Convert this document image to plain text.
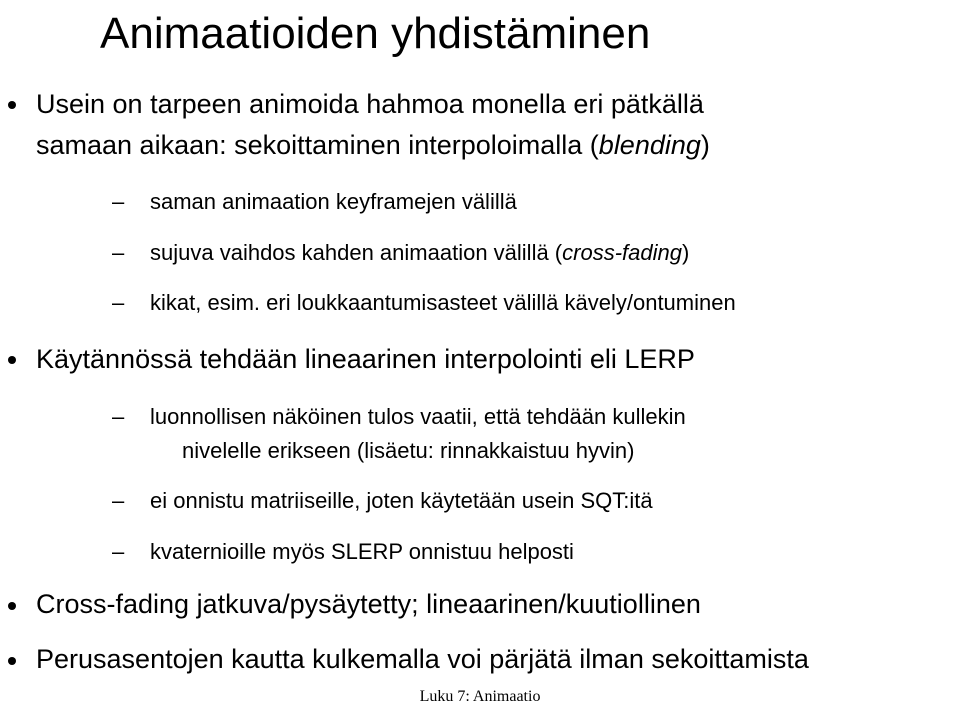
Animaatioiden yhdistäminen
Usein on tarpeen animoida hahmoa monella eri pätkällä
samaan aikaan: sekoittaminen interpoloimalla (blending)
– saman animaation keyframejen välillä
– sujuva vaihdos kahden animaation välillä (cross-fading)
– kikat, esim. eri loukkaantumisasteet välillä kävely/ontuminen
Käytännössä tehdään lineaarinen interpolointi eli LERP
– luonnollisen näköinen tulos vaatii, että tehdään kullekin
nivelelle erikseen (lisäetu: rinnakkaistuu hyvin)
– ei onnistu matriiseille, joten käytetään usein SQT:itä
– kvaternioille myös SLERP onnistuu helposti
Cross-fading jatkuva/pysäytetty; lineaarinen/kuutiollinen
Perusasentojen kautta kulkemalla voi pärjätä ilman sekoittamista
Luku 7: Animaatio
